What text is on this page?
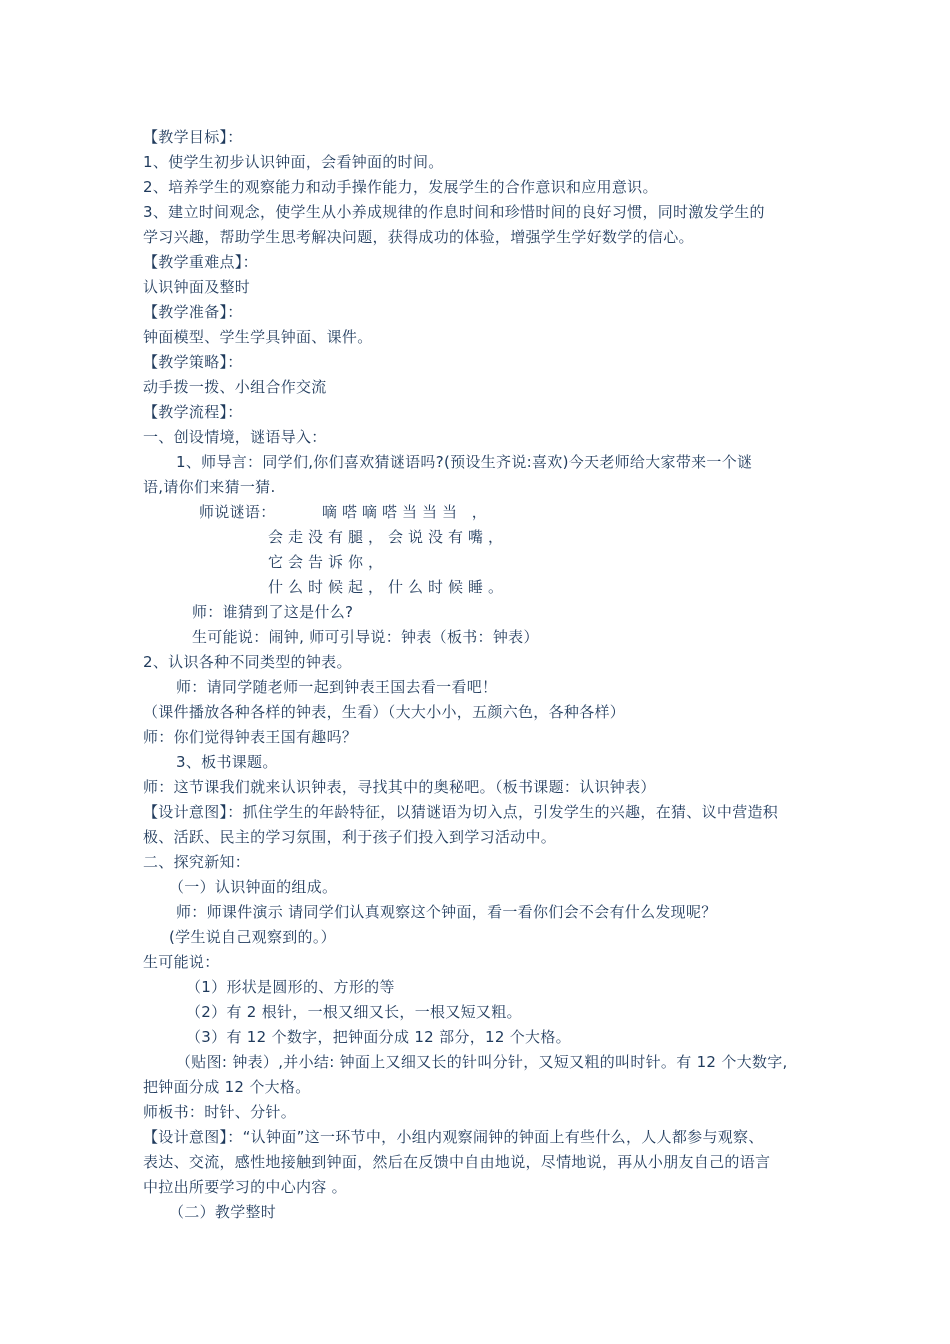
【教学目标】：
1、使学生初步认识钟面，会看钟面的时间。
2、培养学生的观察能力和动手操作能力，发展学生的合作意识和应用意识。
3、建立时间观念，使学生从小养成规律的作息时间和珍惜时间的良好习惯，同时激发学生的
学习兴趣，帮助学生思考解决问题，获得成功的体验，增强学生学好数学的信心。
【教学重难点】：
认识钟面及整时
【教学准备】：
钟面模型、学生学具钟面、课件。
【教学策略】：
动手拨一拨、小组合作交流
【教学流程】：
一、创设情境，谜语导入：
1、师导言：同学们,你们喜欢猜谜语吗?(预设生齐说:喜欢)今天老师给大家带来一个谜
语,请你们来猜一猜.
师说谜语：	嘀嗒嘀嗒当当当 ，
会走没有腿，会说没有嘴，
它会告诉你，
什么时候起，什么时候睡。
师：谁猜到了这是什么?
生可能说：闹钟, 师可引导说：钟表（板书：钟表）
2、认识各种不同类型的钟表。
师：请同学随老师一起到钟表王国去看一看吧！
（课件播放各种各样的钟表，生看）（大大小小，五颜六色，各种各样）
师：你们觉得钟表王国有趣吗？
3、板书课题。
师：这节课我们就来认识钟表，寻找其中的奥秘吧。（板书课题：认识钟表）
【设计意图】：抓住学生的年龄特征，以猜谜语为切入点，引发学生的兴趣，在猜、议中营造积
极、活跃、民主的学习氛围，利于孩子们投入到学习活动中。
二、探究新知：
（一）认识钟面的组成。
师：师课件演示 请同学们认真观察这个钟面，看一看你们会不会有什么发现呢？
(学生说自己观察到的。）
生可能说：
（1）形状是圆形的、方形的等
（2）有 2 根针，一根又细又长，一根又短又粗。
（3）有 12 个数字，把钟面分成 12 部分，12 个大格。
（贴图: 钟表）,并小结: 钟面上又细又长的针叫分针，又短又粗的叫时针。有 12 个大数字,
把钟面分成 12 个大格。
师板书：时针、分针。
【设计意图】：“认钟面”这一环节中，小组内观察闹钟的钟面上有些什么，人人都参与观察、
表达、交流，感性地接触到钟面，然后在反馈中自由地说，尽情地说，再从小朋友自己的语言
中拉出所要学习的中心内容 。
（二）教学整时
